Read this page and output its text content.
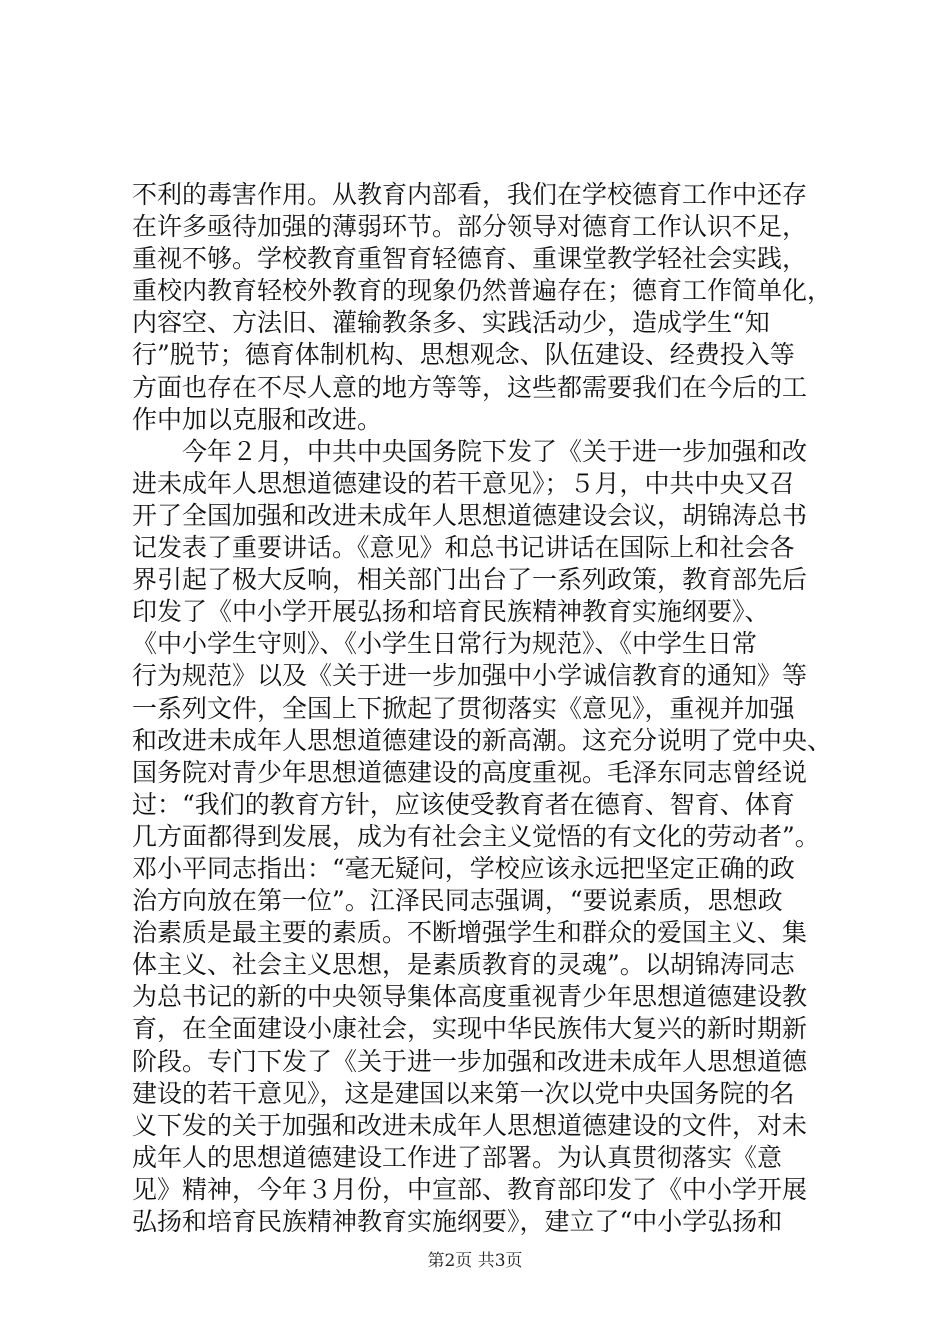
不利的毒害作用。从教育内部看，我们在学校德育工作中还存
在许多亟待加强的薄弱环节。部分领导对德育工作认识不足，
重视不够。学校教育重智育轻德育、重课堂教学轻社会实践，
重校内教育轻校外教育的现象仍然普遍存在；德育工作简单化，
内容空、方法旧、灌输教条多、实践活动少，造成学生“知
行”脱节；德育体制机构、思想观念、队伍建设、经费投入等
方面也存在不尽人意的地方等等，这些都需要我们在今后的工
作中加以克服和改进。
今年２月，中共中央国务院下发了《关于进一步加强和改
进未成年人思想道德建设的若干意见》；５月，中共中央又召
开了全国加强和改进未成年人思想道德建设会议，胡锦涛总书
记发表了重要讲话。《意见》和总书记讲话在国际上和社会各
界引起了极大反响，相关部门出台了一系列政策，教育部先后
印发了《中小学开展弘扬和培育民族精神教育实施纲要》、
《中小学生守则》、《小学生日常行为规范》、《中学生日常
行为规范》以及《关于进一步加强中小学诚信教育的通知》等
一系列文件，全国上下掀起了贯彻落实《意见》，重视并加强
和改进未成年人思想道德建设的新高潮。这充分说明了党中央、
国务院对青少年思想道德建设的高度重视。毛泽东同志曾经说
过：“我们的教育方针，应该使受教育者在德育、智育、体育
几方面都得到发展，成为有社会主义觉悟的有文化的劳动者”。
邓小平同志指出：“毫无疑问，学校应该永远把坚定正确的政
治方向放在第一位”。江泽民同志强调，“要说素质，思想政
治素质是最主要的素质。不断增强学生和群众的爱国主义、集
体主义、社会主义思想，是素质教育的灵魂”。以胡锦涛同志
为总书记的新的中央领导集体高度重视青少年思想道德建设教
育，在全面建设小康社会，实现中华民族伟大复兴的新时期新
阶段。专门下发了《关于进一步加强和改进未成年人思想道德
建设的若干意见》，这是建国以来第一次以党中央国务院的名
义下发的关于加强和改进未成年人思想道德建设的文件，对未
成年人的思想道德建设工作进了部署。为认真贯彻落实《意
见》精神，今年３月份，中宣部、教育部印发了《中小学开展
弘扬和培育民族精神教育实施纲要》，建立了“中小学弘扬和
第2页 共3页
